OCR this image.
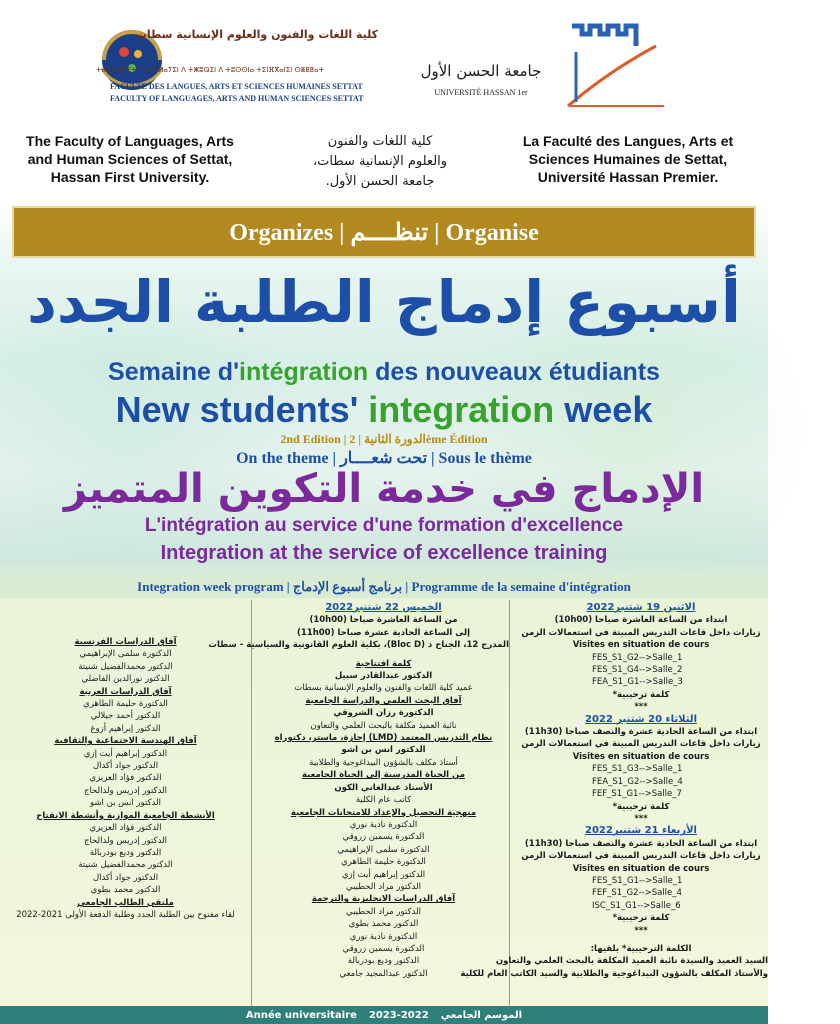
كلية اللغات والفنون والعلوم الإنسانية سطات
ⵜⴰⵙⴷⴰⵡⵉⵜ ⵏ ⵜⵓⵜⵍⴰⵢⵉⵏ ⴷ ⵜⵥⵓⵕⵉⵏ ⴷ ⵜⵓⵙⵙⵏⴰ ⵜⵉⵏⴼⴳⴰⵏⵉⵏ ⵙⴻⵟⵟⴰⵜ
FACULTE DES LANGUES, ARTS ET SCIENCES HUMAINES SETTAT
FACULTY OF LANGUAGES, ARTS AND HUMAN SCIENCES SETTAT
جامعة الحسن الأول
UNIVERSITÉ HASSAN 1er
The Faculty of Languages, Arts
and Human Sciences of Settat,
Hassan First University.
كلية اللغات والفنون
والعلوم الإنسانية سطات،
جامعة الحسن الأول.
La Faculté des Langues, Arts et
Sciences Humaines de Settat,
Université Hassan Premier.
Organizes | تنظــــم | Organise
أسبوع إدماج الطلبة الجدد
Semaine d'intégration des nouveaux étudiants
New students' integration week
2nd Edition | الدورة الثانية | 2ème Édition
On the theme | تحت شعــــار | Sous le thème
الإدماج في خدمة التكوين المتميز
L'intégration au service d'une formation d'excellence
Integration at the service of excellence training
Integration week program | برنامج أسبوع الإدماج | Programme de la semaine d'intégration
آفاق الدراسات الفرنسية
الدكتورة سلمى الإبراهيمي
الدكتور محمدالفضيل شنيتة
الدكتور نورالدين الفاضلي
آفاق الدراسات العربية
الدكتورة حليمة الطاهري
الدكتور أحمد جيلالي
الدكتور إبراهيم أزوغ
آفاق الهندسة الاجتماعية والثقافية
الدكتور إبراهيم أيت إزي
الدكتور جواد أكدال
الدكتور فؤاد العزيزي
الدكتور إدريس ولدالحاج
الدكتور انس بن اشو
الأنشطة الجامعية الموازية وأنشطة الانفتاح
الدكتور فؤاد العزيزي
الدكتور إدريس ولدالحاج
الدكتور وديع بودربالة
الدكتور محمدالفضيل شنيتة
الدكتور جواد أكدال
الدكتور محمد بطوي
ملتقى الطالب الجامعي
لقاء مفتوح بين الطلبة الجدد وطلبة الدفعة الأولى 2021-2022
الخميس 22 شتنبر2022
من الساعة العاشرة صباحا (10h00)
إلى الساعة الحادية عشرة صباحا (11h00)
المدرج 12، الجناح د (Bloc D)، بكلية العلوم القانونية والسياسية - سطات
كلمة افتتاحية
الدكتور عبدالقادر سبيل
عميد كلية اللغات والفنون والعلوم الإنسانية بسطات
آفاق البحث العلمي والدراسة الجامعية
الدكتورة رزان الشروقي
نائبة العميد مكلفة بالبحث العلمي والتعاون
نظام التدريس المعتمد (LMD) إجازة، ماستر، دكتوراه
الدكتور انس بن اشو
أستاذ مكلف بالشؤون البيداغوجية والطلابية
من الحياة المدرسية إلى الحياة الجامعية
الأستاذ عبدالغاني الكون
كاتب عام الكلية
منهجية التحصيل والإعداد للامتحانات الجامعية
الدكتورة نادية نوري
الدكتورة يسمين زروقي
الدكتورة سلمى الإبراهيمي
الدكتورة حليمة الطاهري
الدكتور إبراهيم أيت إزي
الدكتور مراد الحطيبي
آفاق الدراسات الانجليزية والترجمة
الدكتور مراد الحطيبي
الدكتور محمد بطوي
الدكتورة نادية نوري
الدكتورة يسمين زروقي
الدكتور وديع بودربالة
الدكتور عبدالمجيد جامعي
الاثنين 19 شتنبر2022
ابتداء من الساعة العاشرة صباحا (10h00)
زيارات داخل قاعات التدريس المبينة في استعمالات الزمن
Visites en situation de cours
FES_S1_G2-->Salle_1
FES_S1_G4-->Salle_2
FEA_S1_G1-->Salle_3
كلمة ترحيبية*
***
الثلاثاء 20 شتنبر 2022
ابتداء من الساعة الحادية عشرة والنصف صباحا (11h30)
زيارات داخل قاعات التدريس المبينة في استعمالات الزمن
Visites en situation de cours
FES_S1_G3-->Salle_1
FEA_S1_G2-->Salle_4
FEF_S1_G1-->Salle_7
كلمة ترحيبية*
***
الأربعاء 21 شتنبر2022
ابتداء من الساعة الحادية عشرة والنصف صباحا (11h30)
زيارات داخل قاعات التدريس المبينة في استعمالات الزمن
Visites en situation de cours
FES_S1_G1-->Salle_1
FEF_S1_G2-->Salle_4
ISC_S1_G1-->Salle_6
كلمة ترحيبية*
***
الكلمة الترحيبية* يلقيها:
السيد العميد والسيدة نائبة العميد المكلفة بالبحث العلمي والتعاون
والأستاذ المكلف بالشؤون البيداغوجية والطلابية والسيد الكاتب العام للكلية
Année universitaire 2023-2022 الموسم الجامعي
